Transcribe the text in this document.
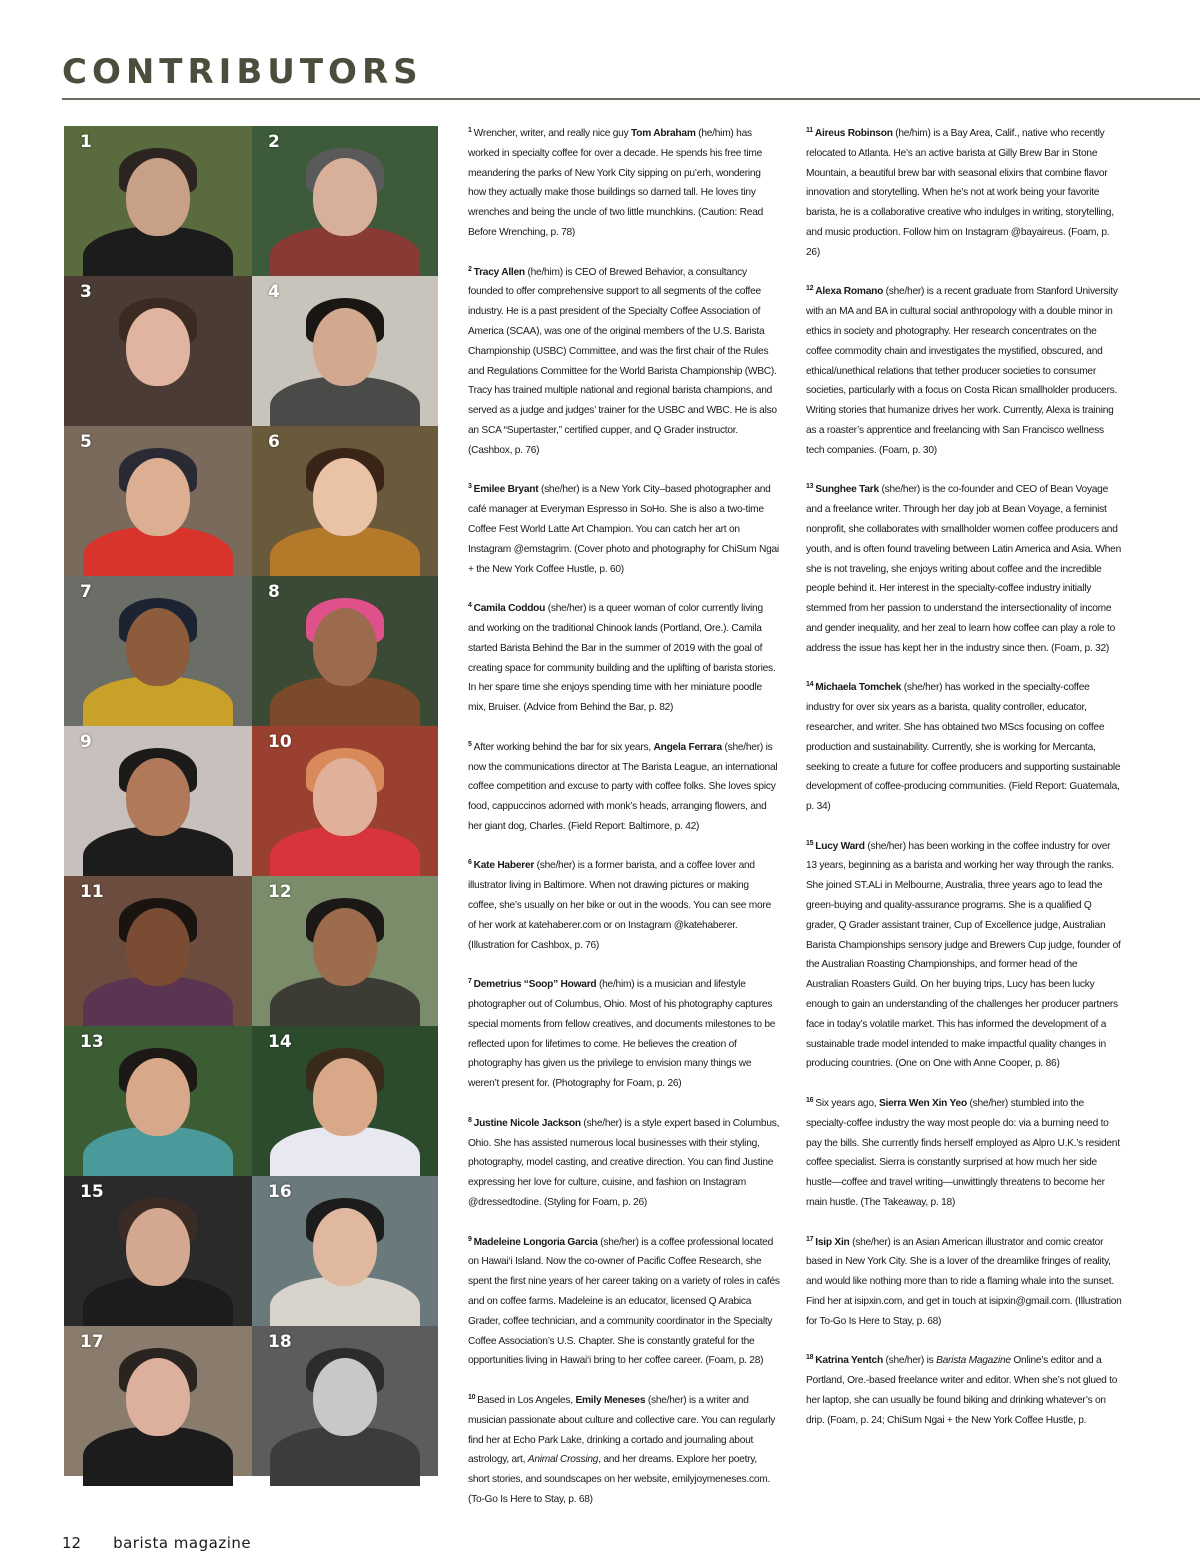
CONTRIBUTORS
1	2
3	4
5	6
7	8
9	10
11	12
13	14
15	16
17	18

$^1$ Wrencher, writer, and really nice guy Tom Abraham (he/him) has worked in specialty coffee for over a decade. He spends his free time meandering the parks of New York City sipping on pu’erh, wondering how they actually make those buildings so darned tall. He loves tiny wrenches and being the uncle of two little munchkins. (Caution: Read Before Wrenching, p. 78)

$^2$ Tracy Allen (he/him) is CEO of Brewed Behavior, a consultancy founded to offer comprehensive support to all segments of the coffee industry. He is a past president of the Specialty Coffee Association of America (SCAA), was one of the original members of the U.S. Barista Championship (USBC) Committee, and was the first chair of the Rules and Regulations Committee for the World Barista Championship (WBC). Tracy has trained multiple national and regional barista champions, and served as a judge and judges’ trainer for the USBC and WBC. He is also an SCA “Supertaster,” certified cupper, and Q Grader instructor. (Cashbox, p. 76)

$^3$ Emilee Bryant (she/her) is a New York City–based photographer and café manager at Everyman Espresso in SoHo. She is also a two-time Coffee Fest World Latte Art Champion. You can catch her art on Instagram @emstagrim. (Cover photo and photography for ChiSum Ngai + the New York Coffee Hustle, p. 60)

$^4$ Camila Coddou (she/her) is a queer woman of color currently living and working on the traditional Chinook lands (Portland, Ore.). Camila started Barista Behind the Bar in the summer of 2019 with the goal of creating space for community building and the uplifting of barista stories. In her spare time she enjoys spending time with her miniature poodle mix, Bruiser. (Advice from Behind the Bar, p. 82)

$^5$ After working behind the bar for six years, Angela Ferrara (she/her) is now the communications director at The Barista League, an international coffee competition and excuse to party with coffee folks. She loves spicy food, cappuccinos adorned with monk’s heads, arranging flowers, and her giant dog, Charles. (Field Report: Baltimore, p. 42)

$^6$ Kate Haberer (she/her) is a former barista, and a coffee lover and illustrator living in Baltimore. When not drawing pictures or making coffee, she’s usually on her bike or out in the woods. You can see more of her work at katehaberer.com or on Instagram @katehaberer. (Illustration for Cashbox, p. 76)

$^7$ Demetrius “Soop” Howard (he/him) is a musician and lifestyle photographer out of Columbus, Ohio. Most of his photography captures special moments from fellow creatives, and documents milestones to be reflected upon for lifetimes to come. He believes the creation of photography has given us the privilege to envision many things we weren’t present for. (Photography for Foam, p. 26)

$^8$ Justine Nicole Jackson (she/her) is a style expert based in Columbus, Ohio. She has assisted numerous local businesses with their styling, photography, model casting, and creative direction. You can find Justine expressing her love for culture, cuisine, and fashion on Instagram @dressedtodine. (Styling for Foam, p. 26)

$^9$ Madeleine Longoria Garcia (she/her) is a coffee professional located on Hawai‘i Island. Now the co-owner of Pacific Coffee Research, she spent the first nine years of her career taking on a variety of roles in cafés and on coffee farms. Madeleine is an educator, licensed Q Arabica Grader, coffee technician, and a community coordinator in the Specialty Coffee Association’s U.S. Chapter. She is constantly grateful for the opportunities living in Hawai‘i bring to her coffee career. (Foam, p. 28)

$^{10}$ Based in Los Angeles, Emily Meneses (she/her) is a writer and musician passionate about culture and collective care. You can regularly find her at Echo Park Lake, drinking a cortado and journaling about astrology, art, Animal Crossing, and her dreams. Explore her poetry, short stories, and soundscapes on her website, emilyjoymeneses.com. (To-Go Is Here to Stay, p. 68)

$^{11}$ Aireus Robinson (he/him) is a Bay Area, Calif., native who recently relocated to Atlanta. He’s an active barista at Gilly Brew Bar in Stone Mountain, a beautiful brew bar with seasonal elixirs that combine flavor innovation and storytelling. When he’s not at work being your favorite barista, he is a collaborative creative who indulges in writing, storytelling, and music production. Follow him on Instagram @bayaireus. (Foam, p. 26)

$^{12}$ Alexa Romano (she/her) is a recent graduate from Stanford University with an MA and BA in cultural social anthropology with a double minor in ethics in society and photography. Her research concentrates on the coffee commodity chain and investigates the mystified, obscured, and ethical/unethical relations that tether producer societies to consumer societies, particularly with a focus on Costa Rican smallholder producers. Writing stories that humanize drives her work. Currently, Alexa is training as a roaster’s apprentice and freelancing with San Francisco wellness tech companies. (Foam, p. 30)

$^{13}$ Sunghee Tark (she/her) is the co-founder and CEO of Bean Voyage and a freelance writer. Through her day job at Bean Voyage, a feminist nonprofit, she collaborates with smallholder women coffee producers and youth, and is often found traveling between Latin America and Asia. When she is not traveling, she enjoys writing about coffee and the incredible people behind it. Her interest in the specialty-coffee industry initially stemmed from her passion to understand the intersectionality of income and gender inequality, and her zeal to learn how coffee can play a role to address the issue has kept her in the industry since then. (Foam, p. 32)

$^{14}$ Michaela Tomchek (she/her) has worked in the specialty-coffee industry for over six years as a barista, quality controller, educator, researcher, and writer. She has obtained two MScs focusing on coffee production and sustainability. Currently, she is working for Mercanta, seeking to create a future for coffee producers and supporting sustainable development of coffee-producing communities. (Field Report: Guatemala, p. 34)

$^{15}$ Lucy Ward (she/her) has been working in the coffee industry for over 13 years, beginning as a barista and working her way through the ranks. She joined ST.ALi in Melbourne, Australia, three years ago to lead the green-buying and quality-assurance programs. She is a qualified Q grader, Q Grader assistant trainer, Cup of Excellence judge, Australian Barista Championships sensory judge and Brewers Cup judge, founder of the Australian Roasting Championships, and former head of the Australian Roasters Guild. On her buying trips, Lucy has been lucky enough to gain an understanding of the challenges her producer partners face in today’s volatile market. This has informed the development of a sustainable trade model intended to make impactful quality changes in producing countries. (One on One with Anne Cooper, p. 86)

$^{16}$ Six years ago, Sierra Wen Xin Yeo (she/her) stumbled into the specialty-coffee industry the way most people do: via a burning need to pay the bills. She currently finds herself employed as Alpro U.K.’s resident coffee specialist. Sierra is constantly surprised at how much her side hustle—coffee and travel writing—unwittingly threatens to become her main hustle. (The Takeaway, p. 18)

$^{17}$ Isip Xin (she/her) is an Asian American illustrator and comic creator based in New York City. She is a lover of the dreamlike fringes of reality, and would like nothing more than to ride a flaming whale into the sunset. Find her at isipxin.com, and get in touch at isipxin@gmail.com. (Illustration for To-Go Is Here to Stay, p. 68)

$^{18}$ Katrina Yentch (she/her) is Barista Magazine Online’s editor and a Portland, Ore.-based freelance writer and editor. When she’s not glued to her laptop, she can usually be found biking and drinking whatever’s on drip. (Foam, p. 24; ChiSum Ngai + the New York Coffee Hustle, p.

12 barista magazine
